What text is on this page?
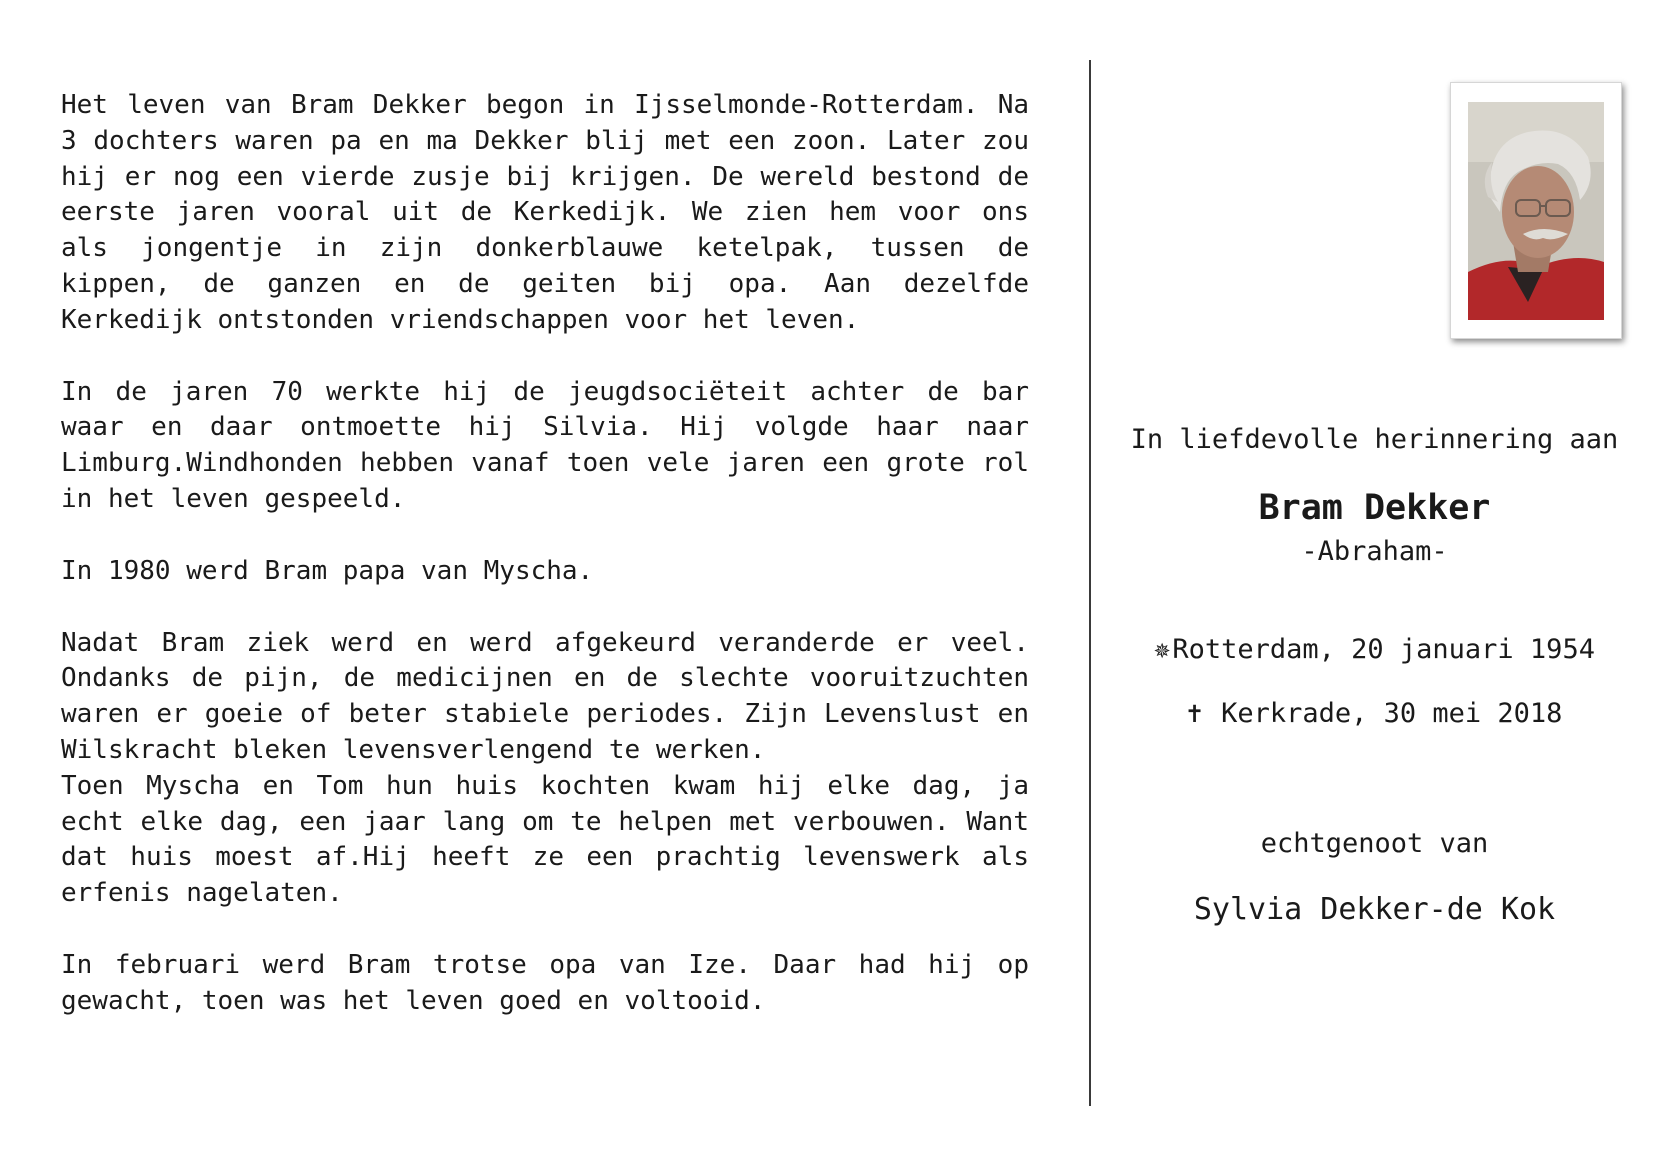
Het leven van Bram Dekker begon in Ijsselmonde-Rotterdam. Na 3 dochters waren pa en ma Dekker blij met een zoon. Later zou hij er nog een vierde zusje bij krijgen. De wereld bestond de eerste jaren vooral uit de Kerkedijk. We zien hem voor ons als jongentje in zijn donkerblauwe ketelpak, tussen de kippen, de ganzen en de geiten bij opa. Aan dezelfde Kerkedijk ontstonden vriendschappen voor het leven.

In de jaren 70 werkte hij de jeugdsociëteit achter de bar waar en daar ontmoette hij Silvia. Hij volgde haar naar Limburg.Windhonden hebben vanaf toen vele jaren een grote rol in het leven gespeeld.

In 1980 werd Bram papa van Myscha.

Nadat Bram ziek werd en werd afgekeurd veranderde er veel. Ondanks de pijn, de medicijnen en de slechte vooruitzuchten waren er goeie of beter stabiele periodes. Zijn Levenslust en Wilskracht bleken levensverlengend te werken.

Toen Myscha en Tom hun huis kochten kwam hij elke dag, ja echt elke dag, een jaar lang om te helpen met verbouwen. Want dat huis moest af.Hij heeft ze een prachtig levenswerk als erfenis nagelaten.

In februari werd Bram trotse opa van Ize. Daar had hij op gewacht, toen was het leven goed en voltooid.

In liefdevolle herinnering aan
Bram Dekker
-Abraham-
✵Rotterdam, 20 januari 1954
✝ Kerkrade, 30 mei 2018
echtgenoot van
Sylvia Dekker-de Kok
